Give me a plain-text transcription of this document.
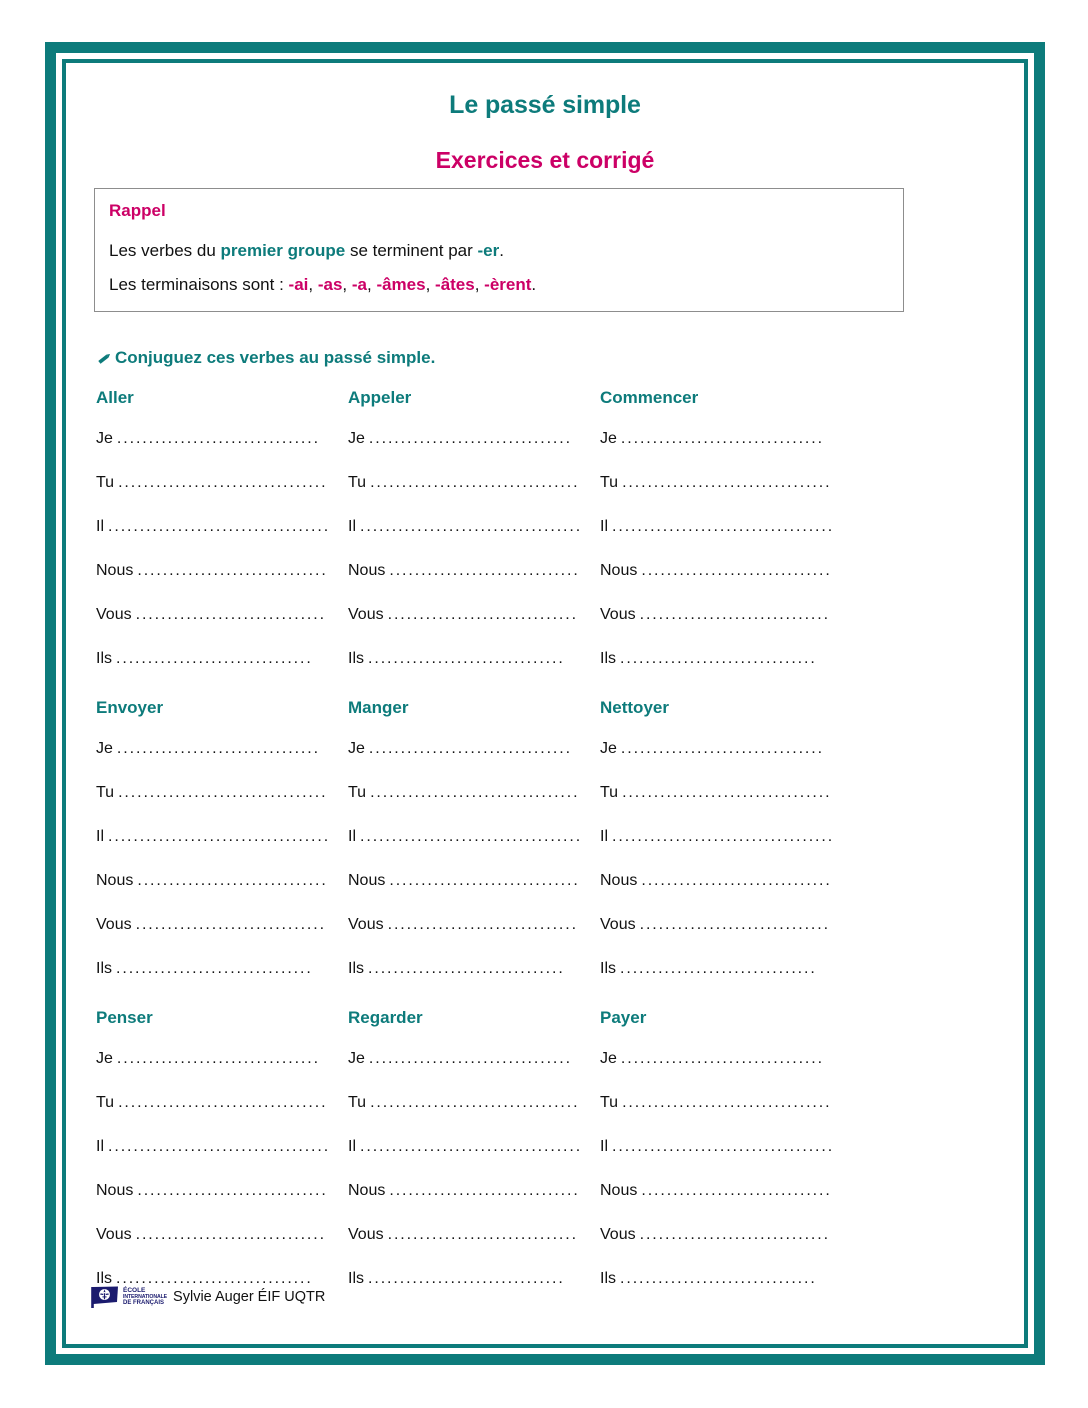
Le passé simple
Exercices et corrigé
Rappel

Les verbes du premier groupe se terminent par -er.

Les terminaisons sont : -ai, -as, -a, -âmes, -âtes, -èrent.

Conjuguez ces verbes au passé simple.
Aller
Je ................................
Tu .................................
Il ...................................
Nous ..............................
Vous ..............................
Ils ...............................
Appeler
Je ................................
Tu .................................
Il ...................................
Nous ..............................
Vous ..............................
Ils ...............................
Commencer
Je ................................
Tu .................................
Il ...................................
Nous ..............................
Vous ..............................
Ils ...............................
Envoyer
Je ................................
Tu .................................
Il ...................................
Nous ..............................
Vous ..............................
Ils ...............................
Manger
Je ................................
Tu .................................
Il ...................................
Nous ..............................
Vous ..............................
Ils ...............................
Nettoyer
Je ................................
Tu .................................
Il ...................................
Nous ..............................
Vous ..............................
Ils ...............................
Penser
Je ................................
Tu .................................
Il ...................................
Nous ..............................
Vous ..............................
Ils ...............................
Regarder
Je ................................
Tu .................................
Il ...................................
Nous ..............................
Vous ..............................
Ils ...............................
Payer
Je ................................
Tu .................................
Il ...................................
Nous ..............................
Vous ..............................
Ils ...............................
ÉCOLE
INTERNATIONALE
DE FRANÇAIS Sylvie Auger ÉIF UQTR
